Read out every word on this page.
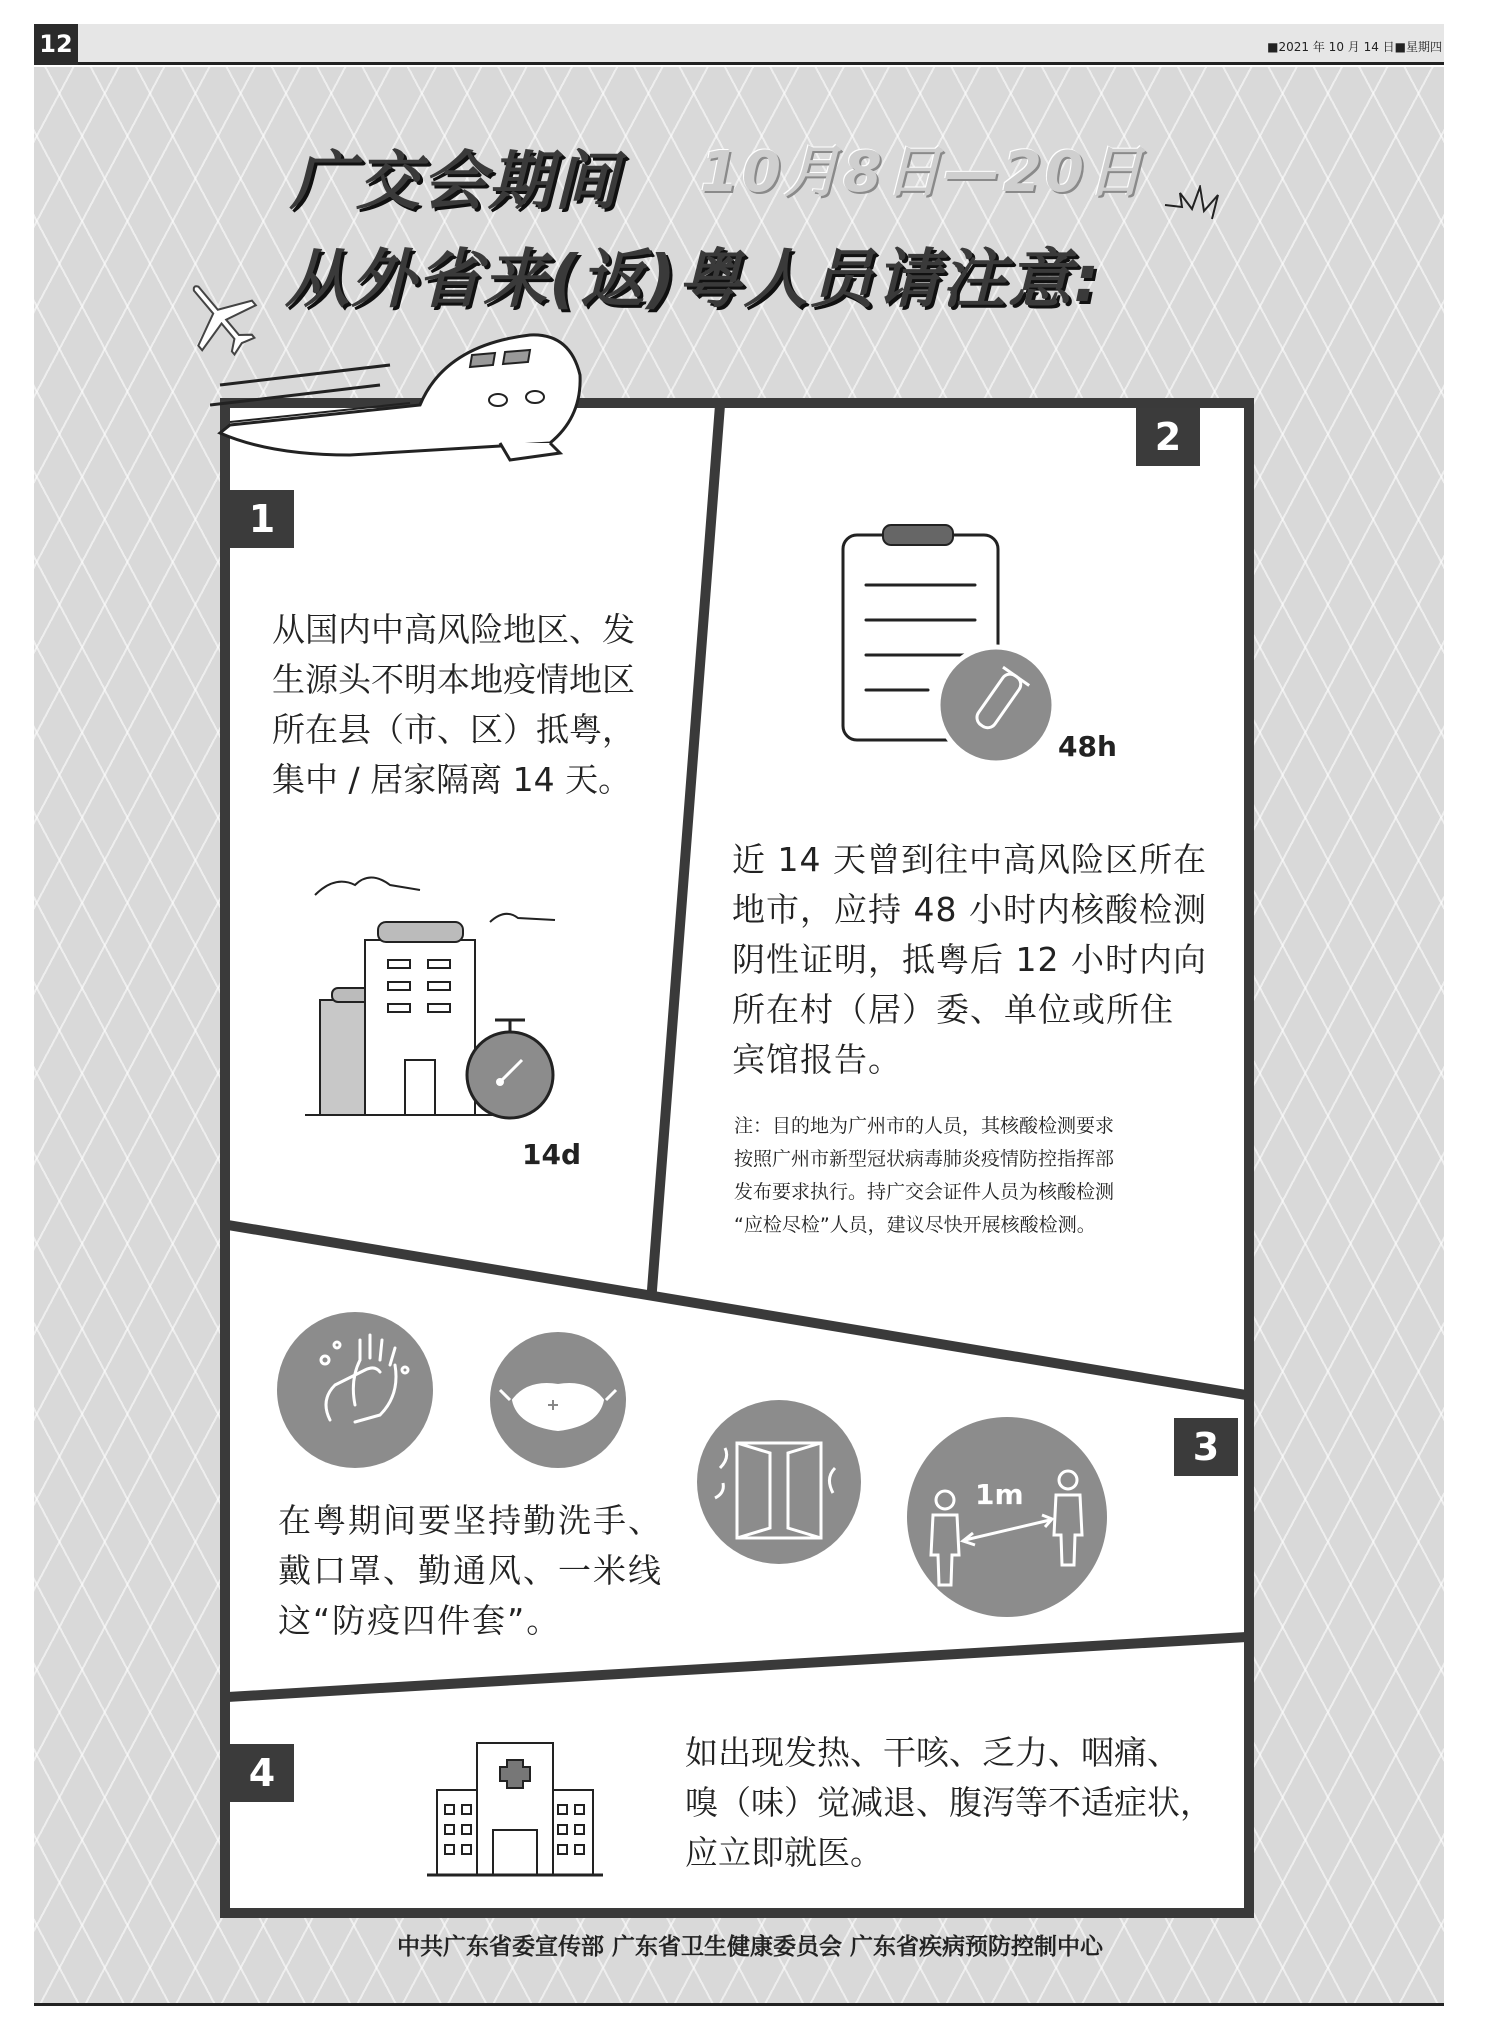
12	■2021 年 10 月 14 日■星期四
广交会期间 10月8日—20日
从外省来(返)粤人员请注意:
1
从国内中高风险地区、发
生源头不明本地疫情地区
所在县（市、区）抵粤，
集中 / 居家隔离 14 天。
14d
2
48h
近 14 天曾到往中高风险区所在
地市，应持 48 小时内核酸检测
阴性证明，抵粤后 12 小时内向
所在村（居）委、单位或所住
宾馆报告。
注：目的地为广州市的人员，其核酸检测要求
按照广州市新型冠状病毒肺炎疫情防控指挥部
发布要求执行。持广交会证件人员为核酸检测
“应检尽检”人员，建议尽快开展核酸检测。
3
1m
在粤期间要坚持勤洗手、
戴口罩、勤通风、一米线
这“防疫四件套”。
4	如出现发热、干咳、乏力、咽痛、
嗅（味）觉减退、腹泻等不适症状，
应立即就医。
中共广东省委宣传部 广东省卫生健康委员会 广东省疾病预防控制中心
